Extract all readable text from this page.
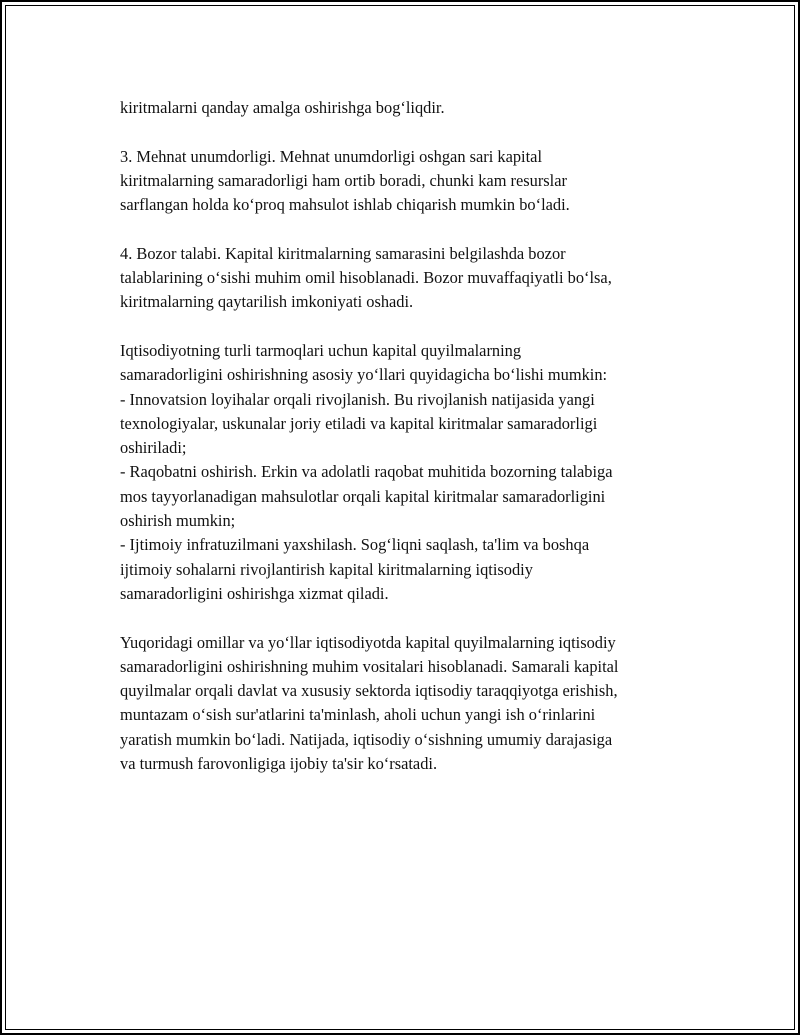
kiritmalarni qanday amalga oshirishga bog‘liqdir.

3. Mehnat unumdorligi. Mehnat unumdorligi oshgan sari kapital

kiritmalarning samaradorligi ham ortib boradi, chunki kam resurslar

sarflangan holda ko‘proq mahsulot ishlab chiqarish mumkin bo‘ladi.

4. Bozor talabi. Kapital kiritmalarning samarasini belgilashda bozor

talablarining o‘sishi muhim omil hisoblanadi. Bozor muvaffaqiyatli bo‘lsa,

kiritmalarning qaytarilish imkoniyati oshadi.

Iqtisodiyotning turli tarmoqlari uchun kapital quyilmalarning

samaradorligini oshirishning asosiy yo‘llari quyidagicha bo‘lishi mumkin:

- Innovatsion loyihalar orqali rivojlanish. Bu rivojlanish natijasida yangi

texnologiyalar, uskunalar joriy etiladi va kapital kiritmalar samaradorligi

oshiriladi;

- Raqobatni oshirish. Erkin va adolatli raqobat muhitida bozorning talabiga

mos tayyorlanadigan mahsulotlar orqali kapital kiritmalar samaradorligini

oshirish mumkin;

- Ijtimoiy infratuzilmani yaxshilash. Sog‘liqni saqlash, ta'lim va boshqa

ijtimoiy sohalarni rivojlantirish kapital kiritmalarning iqtisodiy

samaradorligini oshirishga xizmat qiladi.

Yuqoridagi omillar va yo‘llar iqtisodiyotda kapital quyilmalarning iqtisodiy

samaradorligini oshirishning muhim vositalari hisoblanadi. Samarali kapital

quyilmalar orqali davlat va xususiy sektorda iqtisodiy taraqqiyotga erishish,

muntazam o‘sish sur'atlarini ta'minlash, aholi uchun yangi ish o‘rinlarini

yaratish mumkin bo‘ladi. Natijada, iqtisodiy o‘sishning umumiy darajasiga

va turmush farovonligiga ijobiy ta'sir ko‘rsatadi.
